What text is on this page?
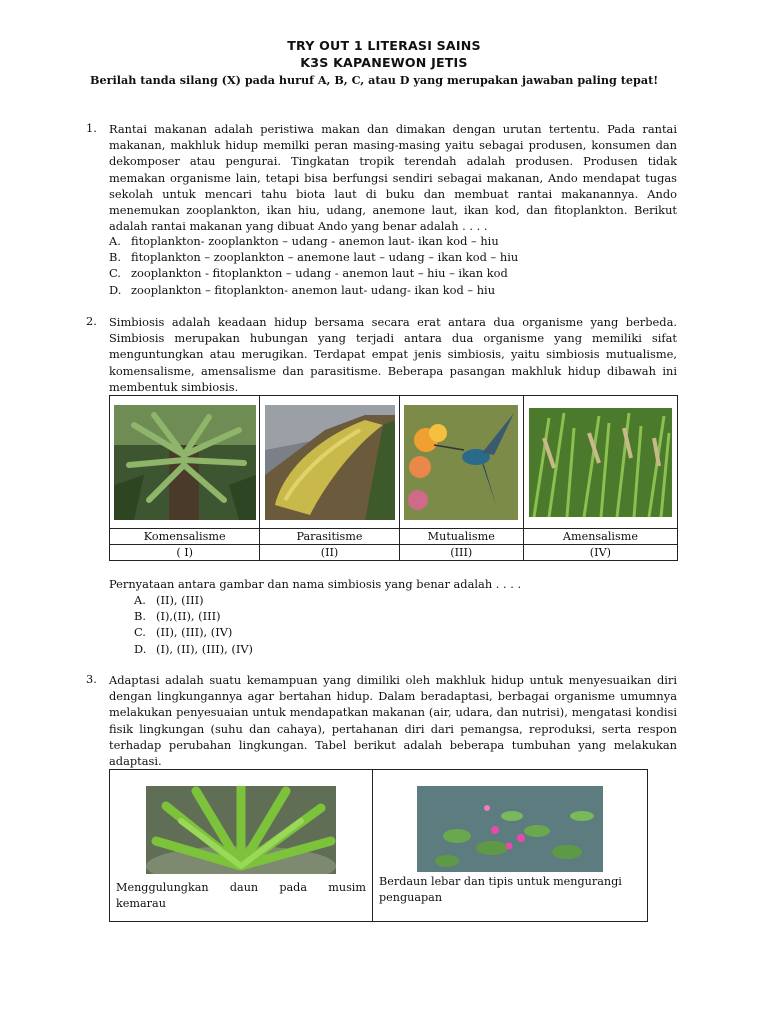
TRY OUT 1 LITERASI SAINS
K3S KAPANEWON JETIS
Berilah tanda silang (X) pada huruf A, B, C, atau D yang merupakan jawaban paling tepat!
1. Rantai makanan adalah peristiwa makan dan dimakan dengan urutan tertentu. Pada rantai makanan, makhluk hidup memilki peran masing-masing yaitu sebagai produsen, konsumen dan dekomposer atau pengurai. Tingkatan tropik terendah adalah produsen. Produsen tidak memakan organisme lain, tetapi bisa berfungsi sendiri sebagai makanan, Ando mendapat tugas sekolah untuk mencari tahu biota laut di buku dan membuat rantai makanannya. Ando menemukan zooplankton, ikan hiu, udang, anemone laut, ikan kod, dan fitoplankton. Berikut adalah rantai makanan yang dibuat Ando yang benar adalah . . . .
A. fitoplankton- zooplankton – udang - anemon laut- ikan kod – hiu
B. fitoplankton – zooplankton – anemone laut – udang – ikan kod – hiu
C. zooplankton - fitoplankton – udang - anemon laut – hiu – ikan kod
D. zooplankton – fitoplankton- anemon laut- udang- ikan kod – hiu
2. Simbiosis adalah keadaan hidup bersama secara erat antara dua organisme yang berbeda. Simbiosis merupakan hubungan yang terjadi antara dua organisme yang memiliki sifat menguntungkan atau merugikan. Terdapat empat jenis simbiosis, yaitu simbiosis mutualisme, komensalisme, amensalisme dan parasitisme. Beberapa pasangan makhluk hidup dibawah ini membentuk simbiosis.

Komensalisme	Parasitisme	Mutualisme	Amensalisme
( I)	(II)	(III)	(IV)
Pernyataan antara gambar dan nama simbiosis yang benar adalah . . . .
A. (II), (III)
B. (I),(II), (III)
C. (II), (III), (IV)
D. (I), (II), (III), (IV)
3. Adaptasi adalah suatu kemampuan yang dimiliki oleh makhluk hidup untuk menyesuaikan diri dengan lingkungannya agar bertahan hidup. Dalam beradaptasi, berbagai organisme umumnya melakukan penyesuaian untuk mendapatkan makanan (air, udara, dan nutrisi), mengatasi kondisi fisik lingkungan (suhu dan cahaya), pertahanan diri dari pemangsa, reproduksi, serta respon terhadap perubahan lingkungan. Tabel berikut adalah beberapa tumbuhan yang melakukan adaptasi.
Menggulungkan daun pada musim kemarau

Berdaun lebar dan tipis untuk mengurangi penguapan
